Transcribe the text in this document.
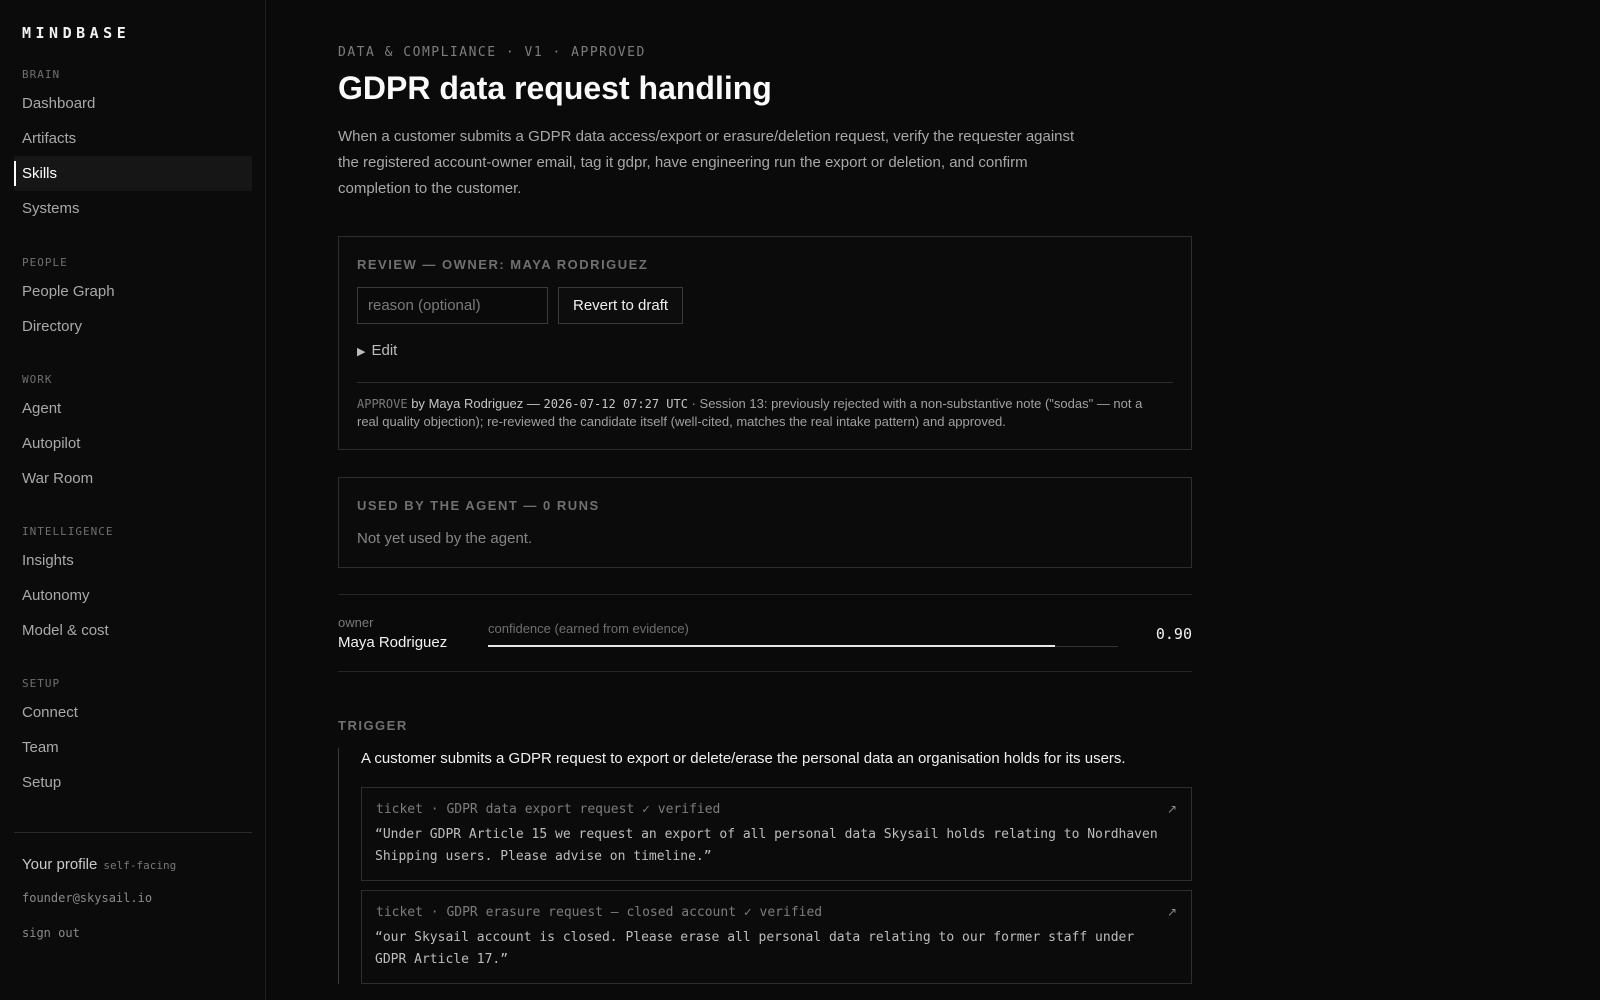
MINDBASE
BRAIN
Dashboard
Artifacts
Skills
Systems
PEOPLE
People Graph
Directory
WORK
Agent
Autopilot
War Room
INTELLIGENCE
Insights
Autonomy
Model & cost
SETUP
Connect
Team
Setup
Your profile self-facing
founder@skysail.io
sign out
DATA & COMPLIANCE · V1 · APPROVED
GDPR data request handling
When a customer submits a GDPR data access/export or erasure/deletion request, verify the requester against the registered account-owner email, tag it gdpr, have engineering run the export or deletion, and confirm completion to the customer.
REVIEW — OWNER: MAYA RODRIGUEZ
reason (optional)
Revert to draft
▶ Edit
APPROVE by Maya Rodriguez — 2026-07-12 07:27 UTC · Session 13: previously rejected with a non-substantive note ("sodas" — not a real quality objection); re-reviewed the candidate itself (well-cited, matches the real intake pattern) and approved.
USED BY THE AGENT — 0 RUNS
Not yet used by the agent.
owner
Maya Rodriguez
confidence (earned from evidence)	0.90
TRIGGER
A customer submits a GDPR request to export or delete/erase the personal data an organisation holds for its users.
ticket · GDPR data export request ✓ verified	↗
“Under GDPR Article 15 we request an export of all personal data Skysail holds relating to Nordhaven Shipping users. Please advise on timeline.”
ticket · GDPR erasure request — closed account ✓ verified	↗
“our Skysail account is closed. Please erase all personal data relating to our former staff under GDPR Article 17.”
